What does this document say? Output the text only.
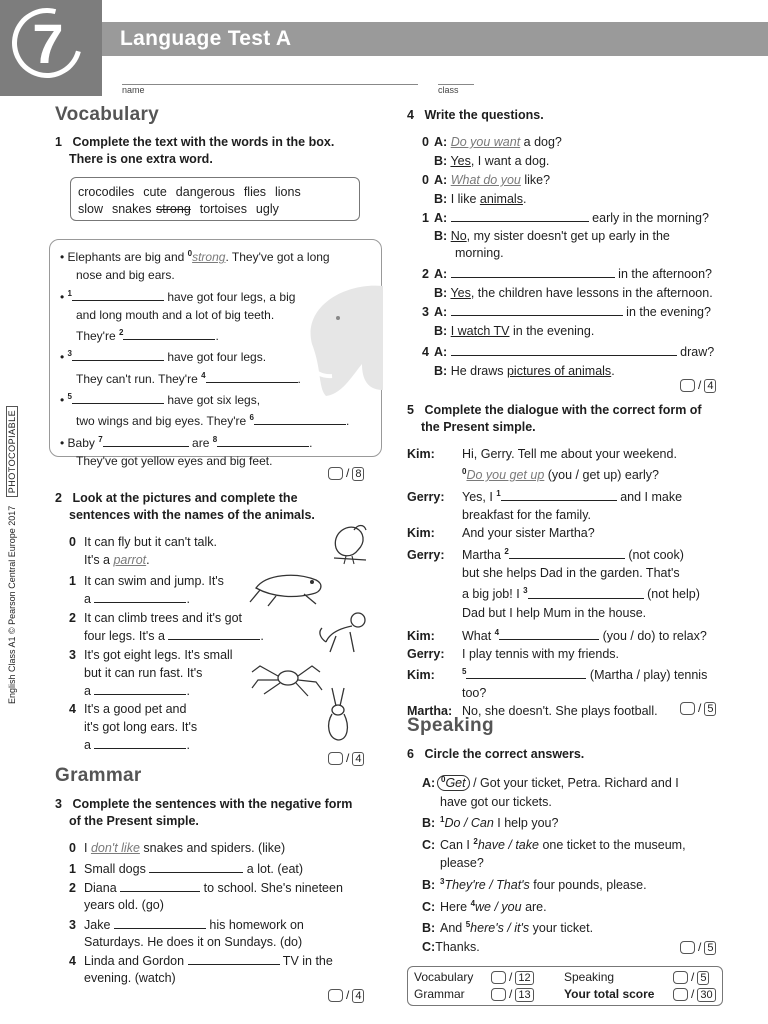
7	Language Test A
name	class
English Class A1 © Pearson Central Europe 2017 PHOTOCOPIABLE
Vocabulary
1 Complete the text with the words in the box.
There is one extra word.
crocodiles  cute  dangerous  flies  lions
slow  snakes strong  tortoises  ugly
• Elephants are big and $^0$strong. They've got a long
nose and big ears.
• $^1$	have got four legs, a big
and long mouth and a lot of big teeth.
They're $^2$	.
• $^3$	have got four legs.
They can't run. They're $^4$	.
• $^5$	have got six legs,
two wings and big eyes. They're $^6$	.
• Baby $^7$	are $^8$	.
They've got yellow eyes and big feet.
/ 8
2 Look at the pictures and complete the
sentences with the names of the animals.
0 It can fly but it can't talk.
It's a parrot.
1 It can swim and jump. It's
a	.
2 It can climb trees and it's got
four legs. It's a	.
3 It's got eight legs. It's small
but it can run fast. It's
a	.
4 It's a good pet and
it's got long ears. It's
a	.
/ 4
Grammar
3 Complete the sentences with the negative form
of the Present simple.
0 I don't like snakes and spiders. (like)
1 Small dogs	a lot. (eat)
2 Diana	to school. She's nineteen
years old. (go)
3 Jake	his homework on
Saturdays. He does it on Sundays. (do)
4 Linda and Gordon	TV in the
evening. (watch)
/ 4
4 Write the questions.
0 A: Do you want a dog?
B: Yes, I want a dog.
0 A: What do you like?
B: I like animals.
1 A:	early in the morning?
B: No, my sister doesn't get up early in the
morning.
2 A:	in the afternoon?
B: Yes, the children have lessons in the afternoon.
3 A:	in the evening?
B: I watch TV in the evening.
4 A:	draw?
B: He draws pictures of animals.
/ 4
5 Complete the dialogue with the correct form of
the Present simple.
Kim: Hi, Gerry. Tell me about your weekend.
$^0$Do you get up (you / get up) early?
Gerry: Yes, I $^1$	and I make
breakfast for the family.
Kim: And your sister Martha?
Gerry: Martha $^2$	(not cook)
but she helps Dad in the garden. That's
a big job! I $^3$	(not help)
Dad but I help Mum in the house.
Kim: What $^4$	(you / do) to relax?
Gerry: I play tennis with my friends.
Kim:	$^5$	(Martha / play) tennis
too?
Martha: No, she doesn't. She plays football.	/ 5
Speaking
6 Circle the correct answers.
A: $^0$Get / Got your ticket, Petra. Richard and I
have got our tickets.
B: $^1$Do / Can I help you?
C: Can I $^2$have / take one ticket to the museum,
please?
B: $^3$They're / That's four pounds, please.
C: Here $^4$we / you are.
B: And $^5$here's / it's your ticket.
C:Thanks.	/ 5
Vocabulary	/ 12
Grammar	/ 13
Speaking	/ 5
Your total score	/ 30
